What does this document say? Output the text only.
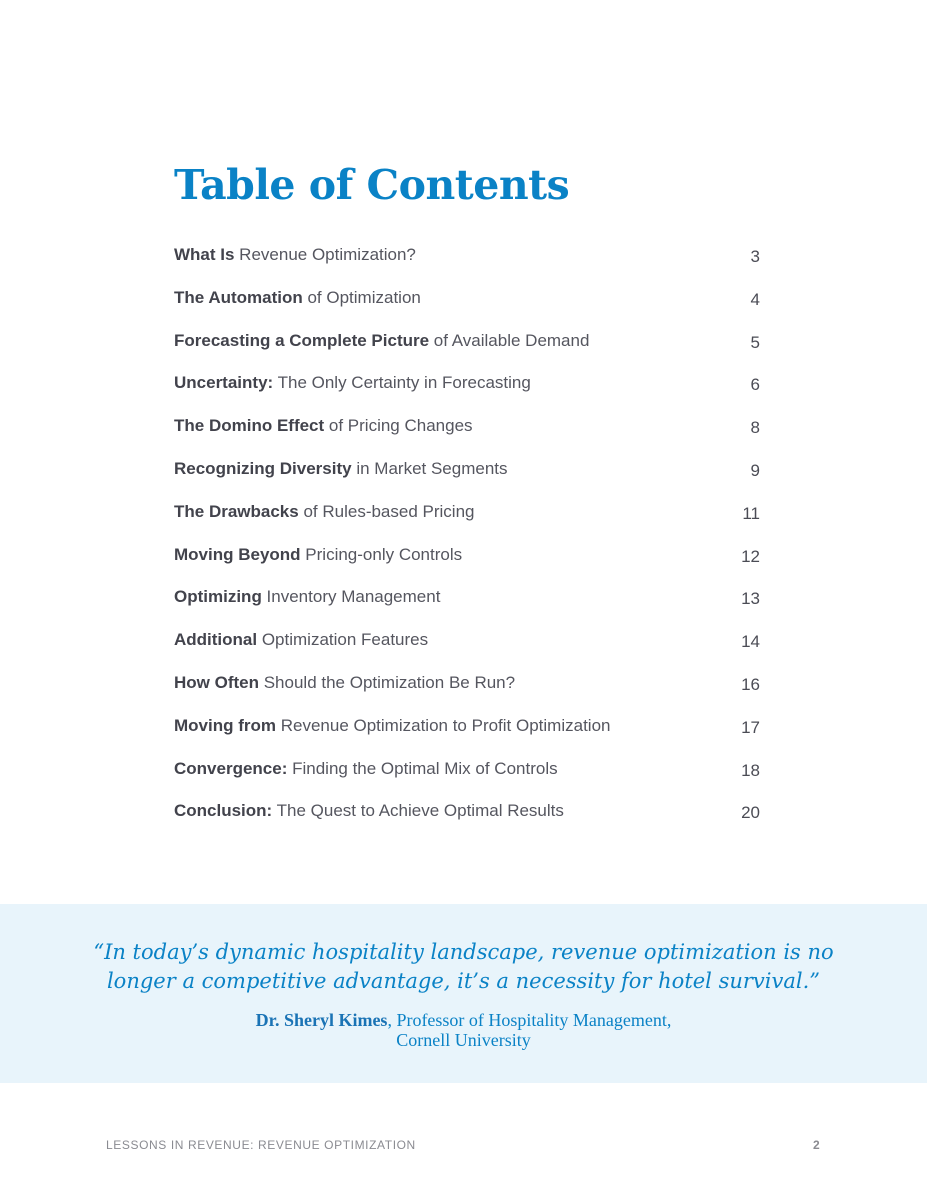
Table of Contents
What Is Revenue Optimization?	3
The Automation of Optimization	4
Forecasting a Complete Picture of Available Demand	5
Uncertainty: The Only Certainty in Forecasting	6
The Domino Effect of Pricing Changes	8
Recognizing Diversity in Market Segments	9
The Drawbacks of Rules-based Pricing	11
Moving Beyond Pricing-only Controls	12
Optimizing Inventory Management	13
Additional Optimization Features	14
How Often Should the Optimization Be Run?	16
Moving from Revenue Optimization to Profit Optimization	17
Convergence: Finding the Optimal Mix of Controls	18
Conclusion: The Quest to Achieve Optimal Results	20

“In today’s dynamic hospitality landscape, revenue optimization is no longer a competitive advantage, it’s a necessity for hotel survival.”

Dr. Sheryl Kimes, Professor of Hospitality Management,
Cornell University
LESSONS IN REVENUE: REVENUE OPTIMIZATION	2
